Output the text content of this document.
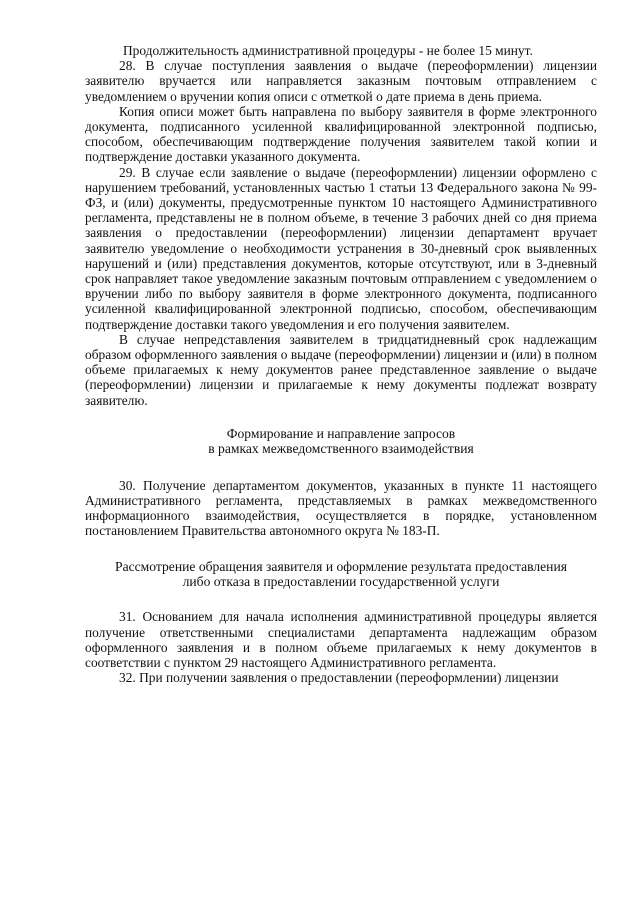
Продолжительность административной процедуры - не более 15 минут.

28. В случае поступления заявления о выдаче (переоформлении) лицензии заявителю вручается или направляется заказным почтовым отправлением с уведомлением о вручении копия описи с отметкой о дате приема в день приема.

Копия описи может быть направлена по выбору заявителя в форме электронного документа, подписанного усиленной квалифицированной электронной подписью, способом, обеспечивающим подтверждение получения заявителем такой копии и подтверждение доставки указанного документа.

29. В случае если заявление о выдаче (переоформлении) лицензии оформлено с нарушением требований, установленных частью 1 статьи 13 Федерального закона № 99-ФЗ, и (или) документы, предусмотренные пунктом 10 настоящего Административного регламента, представлены не в полном объеме, в течение 3 рабочих дней со дня приема заявления о предоставлении (переоформлении) лицензии департамент вручает заявителю уведомление о необходимости устранения в 30-дневный срок выявленных нарушений и (или) представления документов, которые отсутствуют, или в 3-дневный срок направляет такое уведомление заказным почтовым отправлением с уведомлением о вручении либо по выбору заявителя в форме электронного документа, подписанного усиленной квалифицированной электронной подписью, способом, обеспечивающим подтверждение доставки такого уведомления и его получения заявителем.

В случае непредставления заявителем в тридцатидневный срок надлежащим образом оформленного заявления о выдаче (переоформлении) лицензии и (или) в полном объеме прилагаемых к нему документов ранее представленное заявление о выдаче (переоформлении) лицензии и прилагаемые к нему документы подлежат возврату заявителю.

Формирование и направление запросов
в рамках межведомственного взаимодействия

30. Получение департаментом документов, указанных в пункте 11 настоящего Административного регламента, представляемых в рамках межведомственного информационного взаимодействия, осуществляется в порядке, установленном постановлением Правительства автономного округа № 183-П.

Рассмотрение обращения заявителя и оформление результата предоставления
либо отказа в предоставлении государственной услуги

31. Основанием для начала исполнения административной процедуры является получение ответственными специалистами департамента надлежащим образом оформленного заявления и в полном объеме прилагаемых к нему документов в соответствии с пунктом 29 настоящего Административного регламента.

32. При получении заявления о предоставлении (переоформлении) лицензии
